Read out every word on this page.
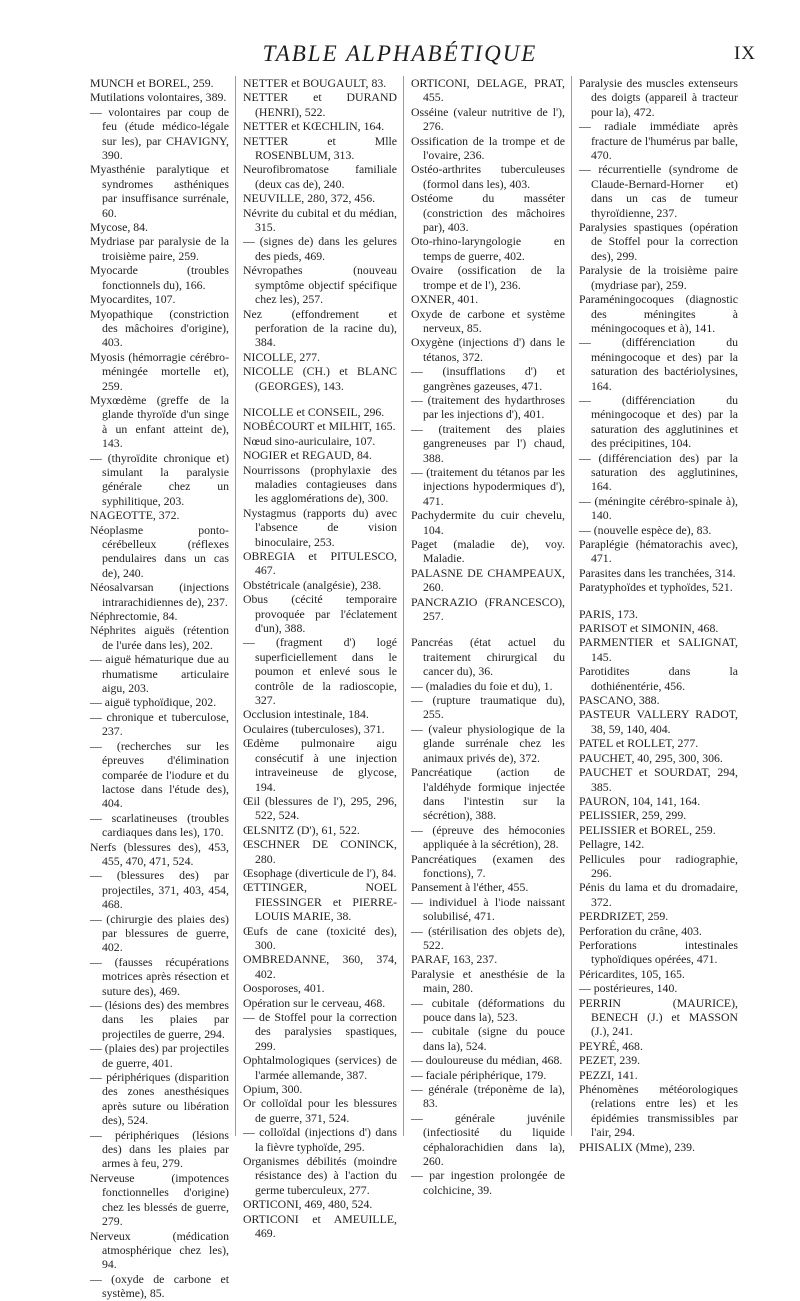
TABLE ALPHABÉTIQUE	IX

MUNCH et BOREL, 259.

Mutilations volontaires, 389.

— volontaires par coup de feu (étude médico-légale sur les), par CHAVIGNY, 390.

Myasthénie paralytique et syndromes asthéniques par insuffisance surrénale, 60.

Mycose, 84.

Mydriase par paralysie de la troisième paire, 259.

Myocarde (troubles fonctionnels du), 166.

Myocardites, 107.

Myopathique (constriction des mâchoires d'origine), 403.

Myosis (hémorragie cérébro-méningée mortelle et), 259.

Myxœdème (greffe de la glande thyroïde d'un singe à un enfant atteint de), 143.

— (thyroïdite chronique et) simulant la paralysie générale chez un syphilitique, 203.

NAGEOTTE, 372.

Néoplasme ponto-cérébelleux (réflexes pendulaires dans un cas de), 240.

Néosalvarsan (injections intrarachidiennes de), 237.

Néphrectomie, 84.

Néphrites aiguës (rétention de l'urée dans les), 202.

— aiguë hématurique due au rhumatisme articulaire aigu, 203.

— aiguë typhoïdique, 202.

— chronique et tuberculose, 237.

— (recherches sur les épreuves d'élimination comparée de l'iodure et du lactose dans l'étude des), 404.

— scarlatineuses (troubles cardiaques dans les), 170.

Nerfs (blessures des), 453, 455, 470, 471, 524.

— (blessures des) par projectiles, 371, 403, 454, 468.

— (chirurgie des plaies des) par blessures de guerre, 402.

— (fausses récupérations motrices après résection et suture des), 469.

— (lésions des) des membres dans les plaies par projectiles de guerre, 294.

— (plaies des) par projectiles de guerre, 401.

— périphériques (disparition des zones anesthésiques après suture ou libération des), 524.

— périphériques (lésions des) dans les plaies par armes à feu, 279.

Nerveuse (impotences fonctionnelles d'origine) chez les blessés de guerre, 279.

Nerveux (médication atmosphérique chez les), 94.

— (oxyde de carbone et système), 85.

NETTER et BOUGAULT, 83.

NETTER et DURAND (HENRI), 522.

NETTER et KŒCHLIN, 164.

NETTER et Mlle ROSENBLUM, 313.

Neurofibromatose familiale (deux cas de), 240.

NEUVILLE, 280, 372, 456.

Névrite du cubital et du médian, 315.

— (signes de) dans les gelures des pieds, 469.

Névropathes (nouveau symptôme objectif spécifique chez les), 257.

Nez (effondrement et perforation de la racine du), 384.

NICOLLE, 277.

NICOLLE (CH.) et BLANC (GEORGES), 143.

NICOLLE et CONSEIL, 296.

NOBÉCOURT et MILHIT, 165.

Nœud sino-auriculaire, 107.

NOGIER et REGAUD, 84.

Nourrissons (prophylaxie des maladies contagieuses dans les agglomérations de), 300.

Nystagmus (rapports du) avec l'absence de vision binoculaire, 253.

OBREGIA et PITULESCO, 467.

Obstétricale (analgésie), 238.

Obus (cécité temporaire provoquée par l'éclatement d'un), 388.

— (fragment d') logé superficiellement dans le poumon et enlevé sous le contrôle de la radioscopie, 327.

Occlusion intestinale, 184.

Oculaires (tuberculoses), 371.

Œdème pulmonaire aigu consécutif à une injection intraveineuse de glycose, 194.

Œil (blessures de l'), 295, 296, 522, 524.

ŒLSNITZ (D'), 61, 522.

ŒSCHNER DE CONINCK, 280.

Œsophage (diverticule de l'), 84.

ŒTTINGER, NOEL FIESSINGER et PIERRE-LOUIS MARIE, 38.

Œufs de cane (toxicité des), 300.

OMBREDANNE, 360, 374, 402.

Oosporoses, 401.

Opération sur le cerveau, 468.

— de Stoffel pour la correction des paralysies spastiques, 299.

Ophtalmologiques (services) de l'armée allemande, 387.

Opium, 300.

Or colloïdal pour les blessures de guerre, 371, 524.

— colloïdal (injections d') dans la fièvre typhoïde, 295.

Organismes débilités (moindre résistance des) à l'action du germe tuberculeux, 277.

ORTICONI, 469, 480, 524.

ORTICONI et AMEUILLE, 469.

ORTICONI, DELAGE, PRAT, 455.

Osséine (valeur nutritive de l'), 276.

Ossification de la trompe et de l'ovaire, 236.

Ostéo-arthrites tuberculeuses (formol dans les), 403.

Ostéome du masséter (constriction des mâchoires par), 403.

Oto-rhino-laryngologie en temps de guerre, 402.

Ovaire (ossification de la trompe et de l'), 236.

OXNER, 401.

Oxyde de carbone et système nerveux, 85.

Oxygène (injections d') dans le tétanos, 372.

— (insufflations d') et gangrènes gazeuses, 471.

— (traitement des hydarthroses par les injections d'), 401.

— (traitement des plaies gangreneuses par l') chaud, 388.

— (traitement du tétanos par les injections hypodermiques d'), 471.

Pachydermite du cuir chevelu, 104.

Paget (maladie de), voy. Maladie.

PALASNE DE CHAMPEAUX, 260.

PANCRAZIO (FRANCESCO), 257.

Pancréas (état actuel du traitement chirurgical du cancer du), 36.

— (maladies du foie et du), 1.

— (rupture traumatique du), 255.

— (valeur physiologique de la glande surrénale chez les animaux privés de), 372.

Pancréatique (action de l'aldéhyde formique injectée dans l'intestin sur la sécrétion), 388.

— (épreuve des hémoconies appliquée à la sécrétion), 28.

Pancréatiques (examen des fonctions), 7.

Pansement à l'éther, 455.

— individuel à l'iode naissant solubilisé, 471.

— (stérilisation des objets de), 522.

PARAF, 163, 237.

Paralysie et anesthésie de la main, 280.

— cubitale (déformations du pouce dans la), 523.

— cubitale (signe du pouce dans la), 524.

— douloureuse du médian, 468.

— faciale périphérique, 179.

— générale (tréponème de la), 83.

— générale juvénile (infectiosité du liquide céphalorachidien dans la), 260.

— par ingestion prolongée de colchicine, 39.

Paralysie des muscles extenseurs des doigts (appareil à tracteur pour la), 472.

— radiale immédiate après fracture de l'humérus par balle, 470.

— récurrentielle (syndrome de Claude-Bernard-Horner et) dans un cas de tumeur thyroïdienne, 237.

Paralysies spastiques (opération de Stoffel pour la correction des), 299.

Paralysie de la troisième paire (mydriase par), 259.

Paraméningocoques (diagnostic des méningites à méningocoques et à), 141.

— (différenciation du méningocoque et des) par la saturation des bactériolysines, 164.

— (différenciation du méningocoque et des) par la saturation des agglutinines et des précipitines, 104.

— (différenciation des) par la saturation des agglutinines, 164.

— (méningite cérébro-spinale à), 140.

— (nouvelle espèce de), 83.

Paraplégie (hématorachis avec), 471.

Parasites dans les tranchées, 314.

Paratyphoïdes et typhoïdes, 521.

PARIS, 173.

PARISOT et SIMONIN, 468.

PARMENTIER et SALIGNAT, 145.

Parotidites dans la dothiénentérie, 456.

PASCANO, 388.

PASTEUR VALLERY RADOT, 38, 59, 140, 404.

PATEL et ROLLET, 277.

PAUCHET, 40, 295, 300, 306.

PAUCHET et SOURDAT, 294, 385.

PAURON, 104, 141, 164.

PELISSIER, 259, 299.

PELISSIER et BOREL, 259.

Pellagre, 142.

Pellicules pour radiographie, 296.

Pénis du lama et du dromadaire, 372.

PERDRIZET, 259.

Perforation du crâne, 403.

Perforations intestinales typhoïdiques opérées, 471.

Péricardites, 105, 165.

— postérieures, 140.

PERRIN (MAURICE), BENECH (J.) et MASSON (J.), 241.

PEYRÉ, 468.

PEZET, 239.

PEZZI, 141.

Phénomènes météorologiques (relations entre les) et les épidémies transmissibles par l'air, 294.

PHISALIX (Mme), 239.
